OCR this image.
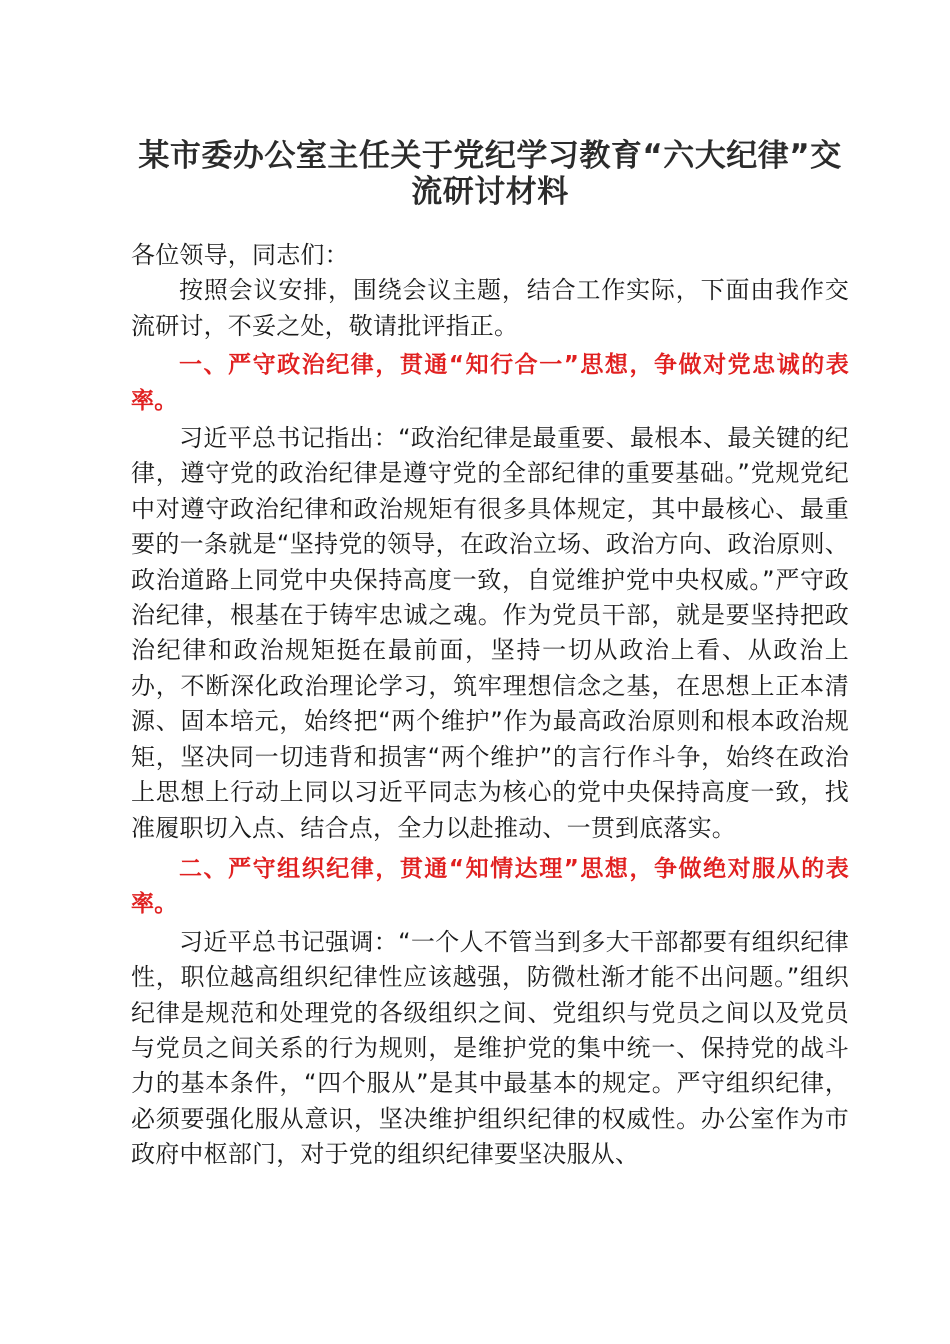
某市委办公室主任关于党纪学习教育“六大纪律”交流研讨材料

各位领导，同志们：

按照会议安排，围绕会议主题，结合工作实际，下面由我作交流研讨，不妥之处，敬请批评指正。

一、严守政治纪律，贯通“知行合一”思想，争做对党忠诚的表率。

习近平总书记指出：“政治纪律是最重要、最根本、最关键的纪律，遵守党的政治纪律是遵守党的全部纪律的重要基础。”党规党纪中对遵守政治纪律和政治规矩有很多具体规定，其中最核心、最重要的一条就是“坚持党的领导，在政治立场、政治方向、政治原则、政治道路上同党中央保持高度一致，自觉维护党中央权威。”严守政治纪律，根基在于铸牢忠诚之魂。作为党员干部，就是要坚持把政治纪律和政治规矩挺在最前面，坚持一切从政治上看、从政治上办，不断深化政治理论学习，筑牢理想信念之基，在思想上正本清源、固本培元，始终把“两个维护”作为最高政治原则和根本政治规矩，坚决同一切违背和损害“两个维护”的言行作斗争，始终在政治上思想上行动上同以习近平同志为核心的党中央保持高度一致，找准履职切入点、结合点，全力以赴推动、一贯到底落实。

二、严守组织纪律，贯通“知情达理”思想，争做绝对服从的表率。

习近平总书记强调：“一个人不管当到多大干部都要有组织纪律性，职位越高组织纪律性应该越强，防微杜渐才能不出问题。”组织纪律是规范和处理党的各级组织之间、党组织与党员之间以及党员与党员之间关系的行为规则，是维护党的集中统一、保持党的战斗力的基本条件，“四个服从”是其中最基本的规定。严守组织纪律，必须要强化服从意识，坚决维护组织纪律的权威性。办公室作为市政府中枢部门，对于党的组织纪律要坚决服从、
